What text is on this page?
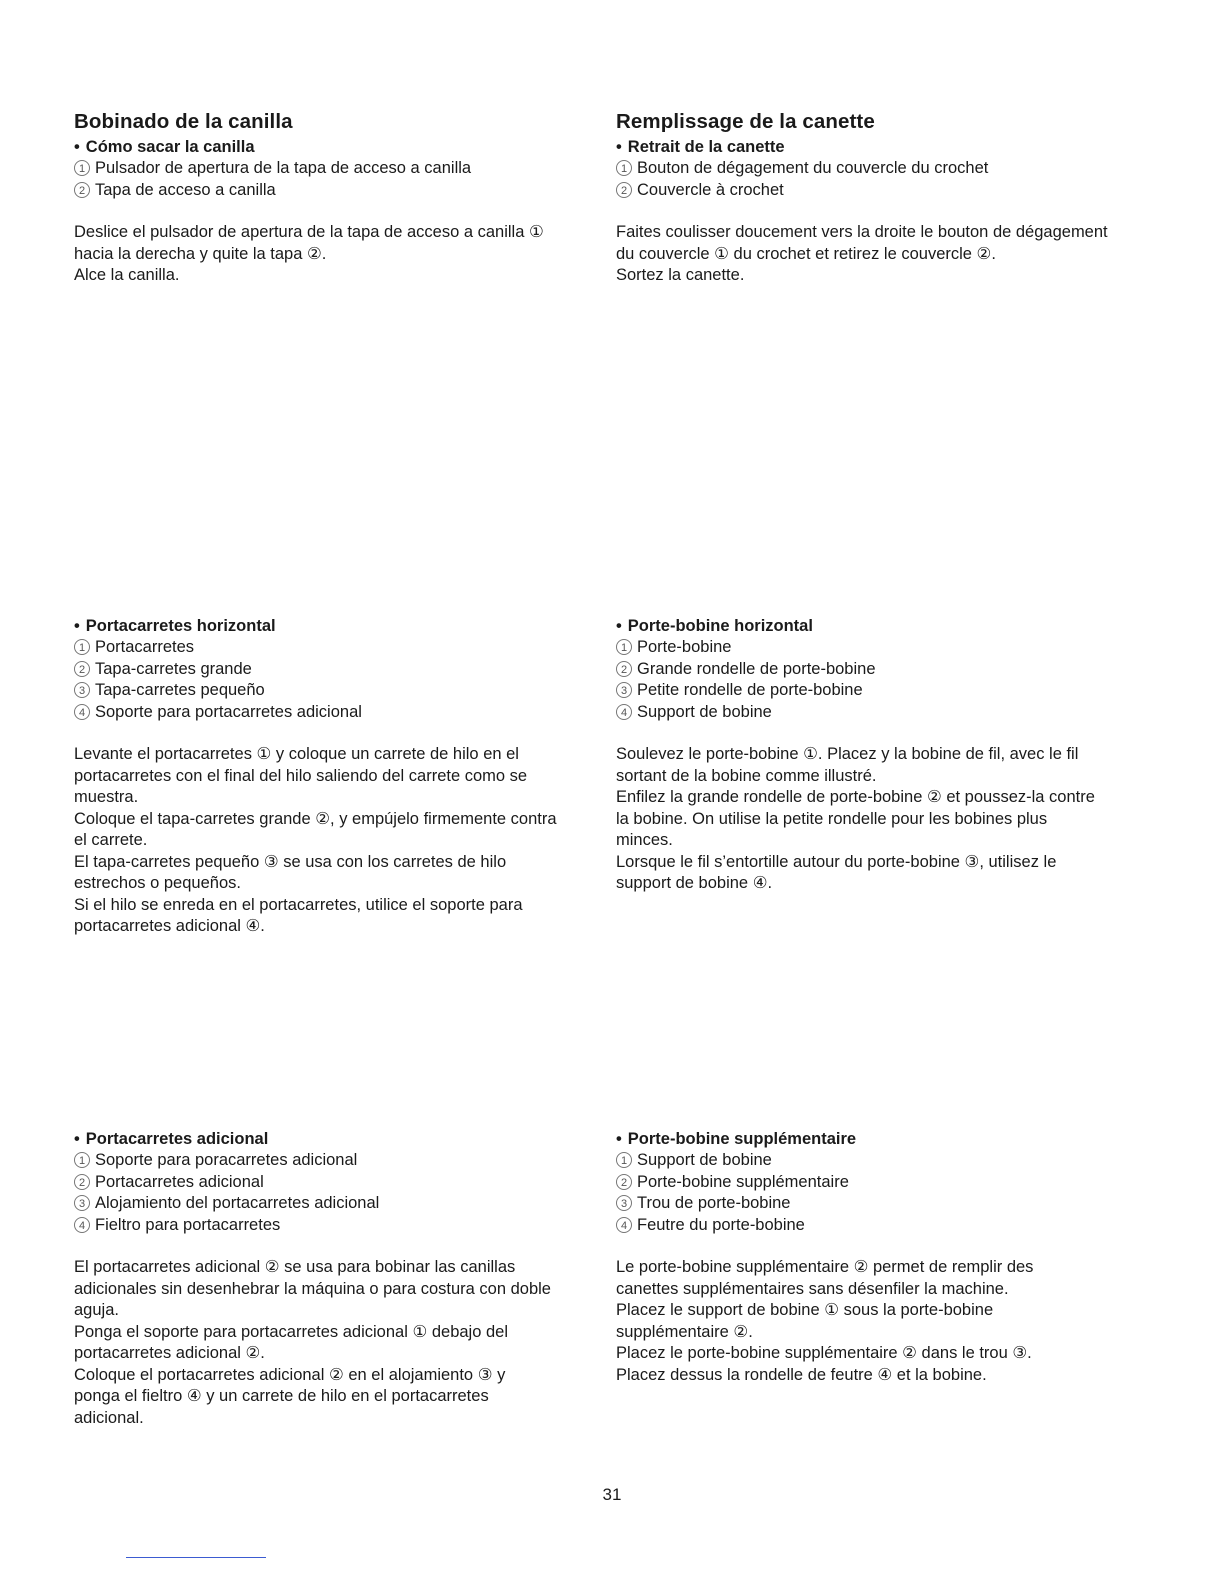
Bobinado de la canilla

• Cómo sacar la canilla

1 Pulsador de apertura de la tapa de acceso a canilla

2 Tapa de acceso a canilla

Deslice el pulsador de apertura de la tapa de acceso a canilla ①

hacia la derecha y quite la tapa ②.

Alce la canilla.

Remplissage de la canette

• Retrait de la canette

1 Bouton de dégagement du couvercle du crochet

2 Couvercle à crochet

Faites coulisser doucement vers la droite le bouton de dégagement

du couvercle ① du crochet et retirez le couvercle ②.

Sortez la canette.

• Portacarretes horizontal

1 Portacarretes

2 Tapa-carretes grande

3 Tapa-carretes pequeño

4 Soporte para portacarretes adicional

Levante el portacarretes ① y coloque un carrete de hilo en el

portacarretes con el final del hilo saliendo del carrete como se

muestra.

Coloque el tapa-carretes grande ②, y empújelo firmemente contra

el carrete.

El tapa-carretes pequeño ③ se usa con los carretes de hilo

estrechos o pequeños.

Si el hilo se enreda en el portacarretes, utilice el soporte para

portacarretes adicional ④.

• Porte-bobine horizontal

1 Porte-bobine

2 Grande rondelle de porte-bobine

3 Petite rondelle de porte-bobine

4 Support de bobine

Soulevez le porte-bobine ①. Placez y la bobine de fil, avec le fil

sortant de la bobine comme illustré.

Enfilez la grande rondelle de porte-bobine ② et poussez-la contre

la bobine. On utilise la petite rondelle pour les bobines plus

minces.

Lorsque le fil s’entortille autour du porte-bobine ③, utilisez le

support de bobine ④.

• Portacarretes adicional

1 Soporte para poracarretes adicional

2 Portacarretes adicional

3 Alojamiento del portacarretes adicional

4 Fieltro para portacarretes

El portacarretes adicional ② se usa para bobinar las canillas

adicionales sin desenhebrar la máquina o para costura con doble

aguja.

Ponga el soporte para portacarretes adicional ① debajo del

portacarretes adicional ②.

Coloque el portacarretes adicional ② en el alojamiento ③ y

ponga el fieltro ④ y un carrete de hilo en el portacarretes

adicional.

• Porte-bobine supplémentaire

1 Support de bobine

2 Porte-bobine supplémentaire

3 Trou de porte-bobine

4 Feutre du porte-bobine

Le porte-bobine supplémentaire ② permet de remplir des

canettes supplémentaires sans désenfiler la machine.

Placez le support de bobine ① sous la porte-bobine

supplémentaire ②.

Placez le porte-bobine supplémentaire ② dans le trou ③.

Placez dessus la rondelle de feutre ④ et la bobine.

31
